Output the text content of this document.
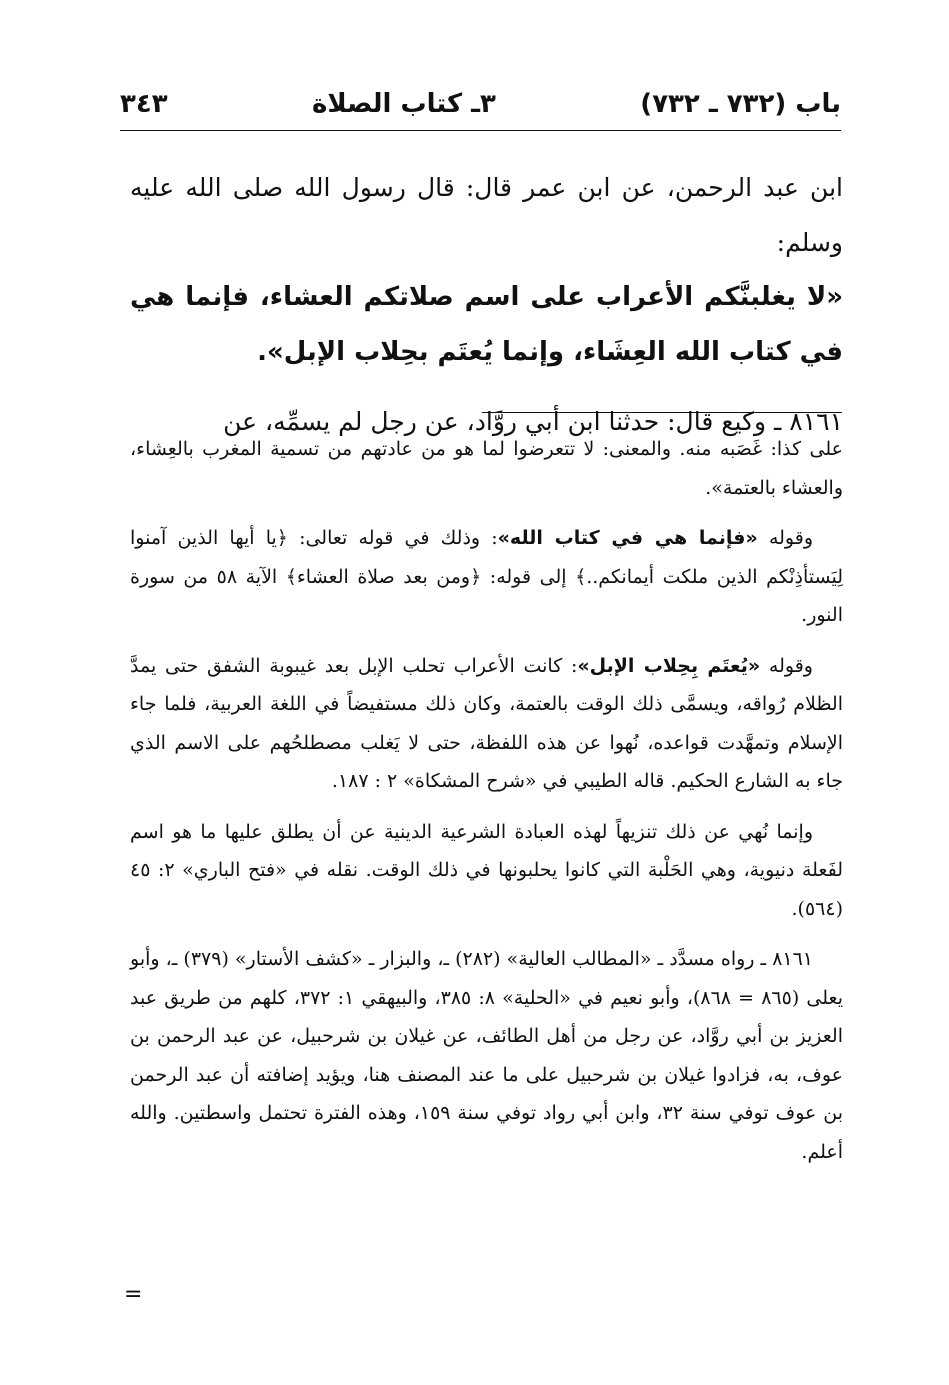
باب (٧٣٢ ـ ٧٣٢)
٣ـ كتاب الصلاة
٣٤٣

ابن عبد الرحمن، عن ابن عمر قال: قال رسول الله صلى الله عليه وسلم:

«لا يغلبنَّكم الأعراب على اسم صلاتكم العشاء، فإنما هي في كتاب الله العِشَاء، وإنما يُعتَم بحِلاب الإبل».

٨١٦١ ـ وكيع قال: حدثنا ابن أبي روَّاد، عن رجل لم يسمِّه، عن

على كذا: غَصَبه منه. والمعنى: لا تتعرضوا لما هو من عادتهم من تسمية المغرب بالعِشاء، والعشاء بالعتمة».

وقوله «فإنما هي في كتاب الله»: وذلك في قوله تعالى: ﴿يا أيها الذين آمنوا لِيَستأذِنْكم الذين ملكت أيمانكم..﴾ إلى قوله: ﴿ومن بعد صلاة العشاء﴾ الآية ٥٨ من سورة النور.

وقوله «يُعتَم بِحِلاب الإبل»: كانت الأعراب تحلب الإبل بعد غيبوبة الشفق حتى يمدَّ الظلام رُواقه، ويسمَّى ذلك الوقت بالعتمة، وكان ذلك مستفيضاً في اللغة العربية، فلما جاء الإسلام وتمهَّدت قواعده، نُهوا عن هذه اللفظة، حتى لا يَغلب مصطلحُهم على الاسم الذي جاء به الشارع الحكيم. قاله الطيبي في «شرح المشكاة» ٢ : ١٨٧.

وإنما نُهي عن ذلك تنزيهاً لهذه العبادة الشرعية الدينية عن أن يطلق عليها ما هو اسم لفَعلة دنيوية، وهي الحَلْبة التي كانوا يحلبونها في ذلك الوقت. نقله في «فتح الباري» ٢: ٤٥ (٥٦٤).

٨١٦١ ـ رواه مسدَّد ـ «المطالب العالية» (٢٨٢) ـ، والبزار ـ «كشف الأستار» (٣٧٩) ـ، وأبو يعلى (٨٦٥ = ٨٦٨)، وأبو نعيم في «الحلية» ٨: ٣٨٥، والبيهقي ١: ٣٧٢، كلهم من طريق عبد العزيز بن أبي روَّاد، عن رجل من أهل الطائف، عن غيلان بن شرحبيل، عن عبد الرحمن بن عوف، به، فزادوا غيلان بن شرحبيل على ما عند المصنف هنا، ويؤيد إضافته أن عبد الرحمن بن عوف توفي سنة ٣٢، وابن أبي رواد توفي سنة ١٥٩، وهذه الفترة تحتمل واسطتين. والله أعلم.

=
